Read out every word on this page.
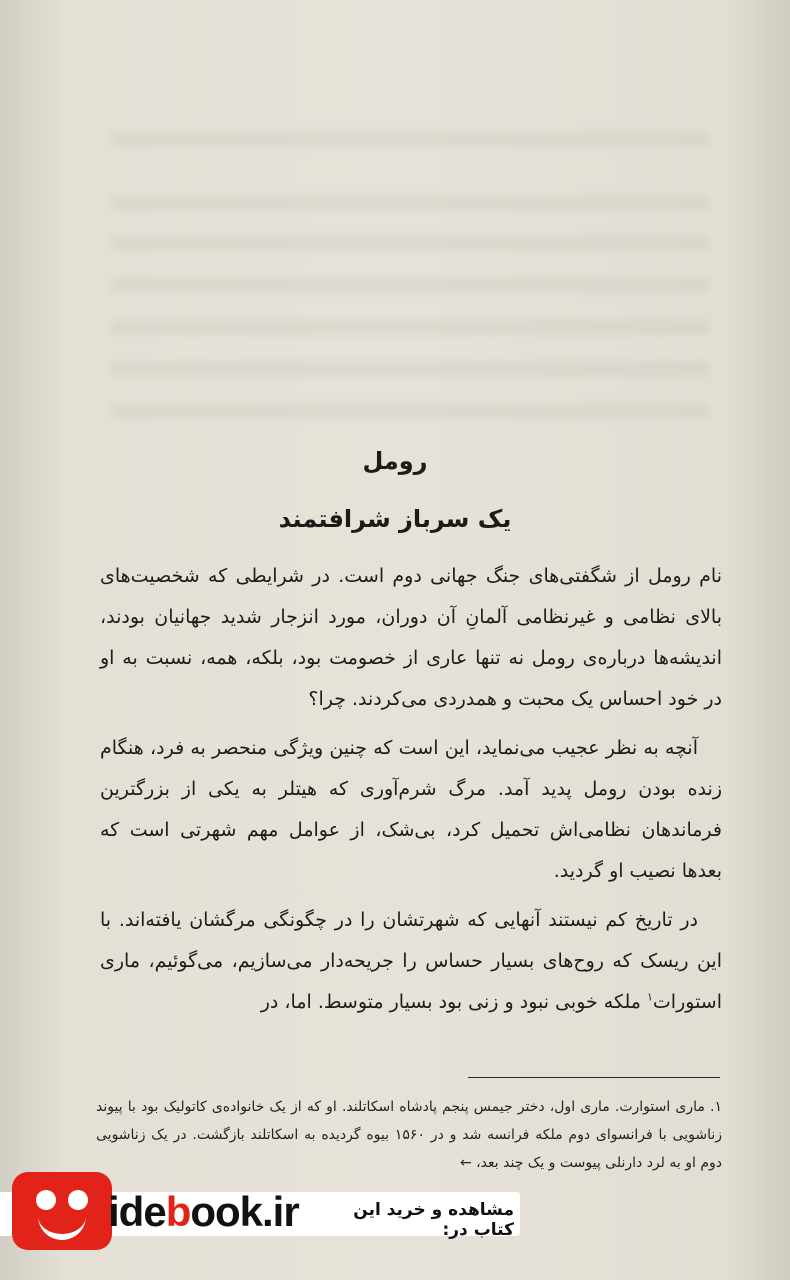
رومل
یک سرباز شرافتمند

نام رومل از شگفتی‌های جنگ جهانی دوم است. در شرایطی که شخصیت‌های بالای نظامی و غیرنظامی آلمانِ آن دوران، مورد انزجار شدید جهانیان بودند، اندیشه‌ها درباره‌ی رومل نه تنها عاری از خصومت بود، بلکه، همه، نسبت به او در خود احساس یک محبت و همدردی می‌کردند. چرا؟

آنچه به نظر عجیب می‌نماید، این است که چنین ویژگی منحصر به فرد، هنگام زنده بودن رومل پدید آمد. مرگ شرم‌آوری که هیتلر به یکی از بزرگترین فرماندهان نظامی‌اش تحمیل کرد، بی‌شک، از عوامل مهم شهرتی است که بعدها نصیب او گردید.

در تاریخ کم نیستند آنهایی که شهرتشان را در چگونگی مرگشان یافته‌اند. با این ریسک که روح‌های بسیار حساس را جریحه‌دار می‌سازیم، می‌گوئیم، ماری استورات$^۱$ ملکه خوبی نبود و زنی بود بسیار متوسط. اما، در

۱. ماری استوارت. ماری اول، دختر جیمس پنجم پادشاه اسکاتلند. او که از یک خانواده‌ی کاتولیک بود با پیوند زناشویی با فرانسوای دوم ملکه فرانسه شد و در ۱۵۶۰ بیوه گردیده به اسکاتلند بازگشت. در یک زناشویی دوم او به لرد دارنلی پیوست و یک چند بعد، ←

idebook.ir	مشاهده و خرید این کتاب در:
